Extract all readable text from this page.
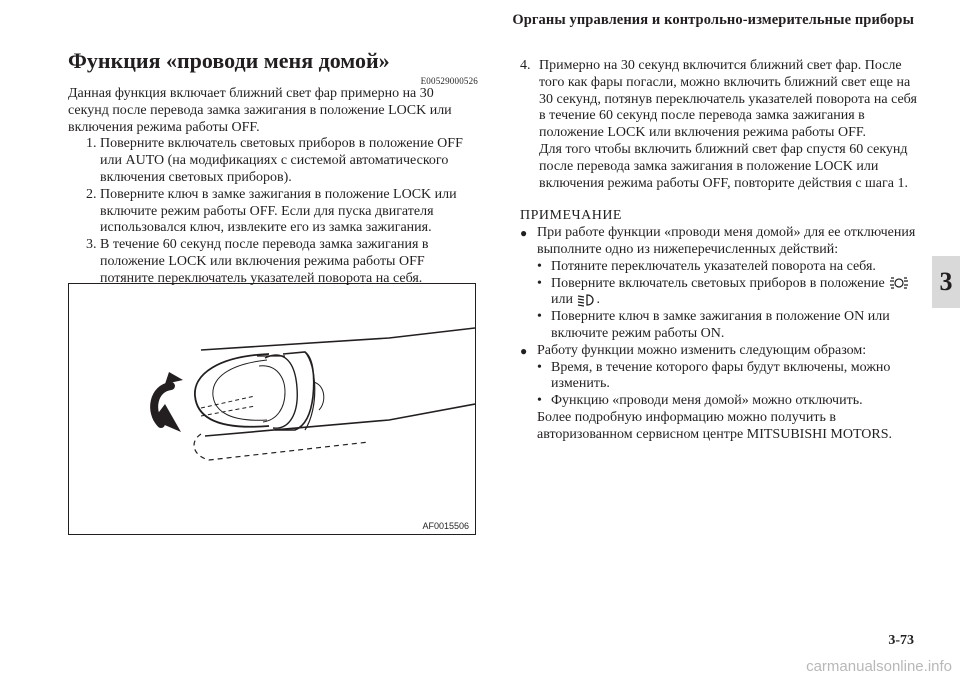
Органы управления и контрольно-измерительные приборы
3
Функция «проводи меня домой»
E00529000526

Данная функция включает ближний свет фар примерно на 30 секунд после перевода замка зажигания в положение LOCK или включения режима работы OFF.

1. Поверните включатель световых приборов в положение OFF или AUTO (на модификациях с системой автоматического включения световых приборов).
2. Поверните ключ в замке зажигания в положение LOCK или включите режим работы OFF. Если для пуска двигателя использовался ключ, извлеките его из замка зажигания.
3. В течение 60 секунд после перевода замка зажигания в положение LOCK или включения режима работы OFF потяните переключатель указателей поворота на себя.
AF0015506
4. Примерно на 30 секунд включится ближний свет фар. После того как фары погасли, можно включить ближний свет еще на 30 секунд, потянув переключатель указателей поворота на себя в течение 60 секунд после перевода замка зажигания в положение LOCK или включения режима работы OFF.
Для того чтобы включить ближний свет фар спустя 60 секунд после перевода замка зажигания в положение LOCK или включения режима работы OFF, повторите действия с шага 1.
ПРИМЕЧАНИЕ
● При работе функции «проводи меня домой» для ее отключения выполните одно из нижеперечисленных действий:
• Потяните переключатель указателей поворота на себя.
• Поверните включатель световых приборов в положение
или .
• Поверните ключ в замке зажигания в положение ON или включите режим работы ON.
● Работу функции можно изменить следующим образом:
• Время, в течение которого фары будут включены, можно изменить.
• Функцию «проводи меня домой» можно отключить.
Более подробную информацию можно получить в авторизованном сервисном центре MITSUBISHI MOTORS.
3-73
carmanualsonline.info
